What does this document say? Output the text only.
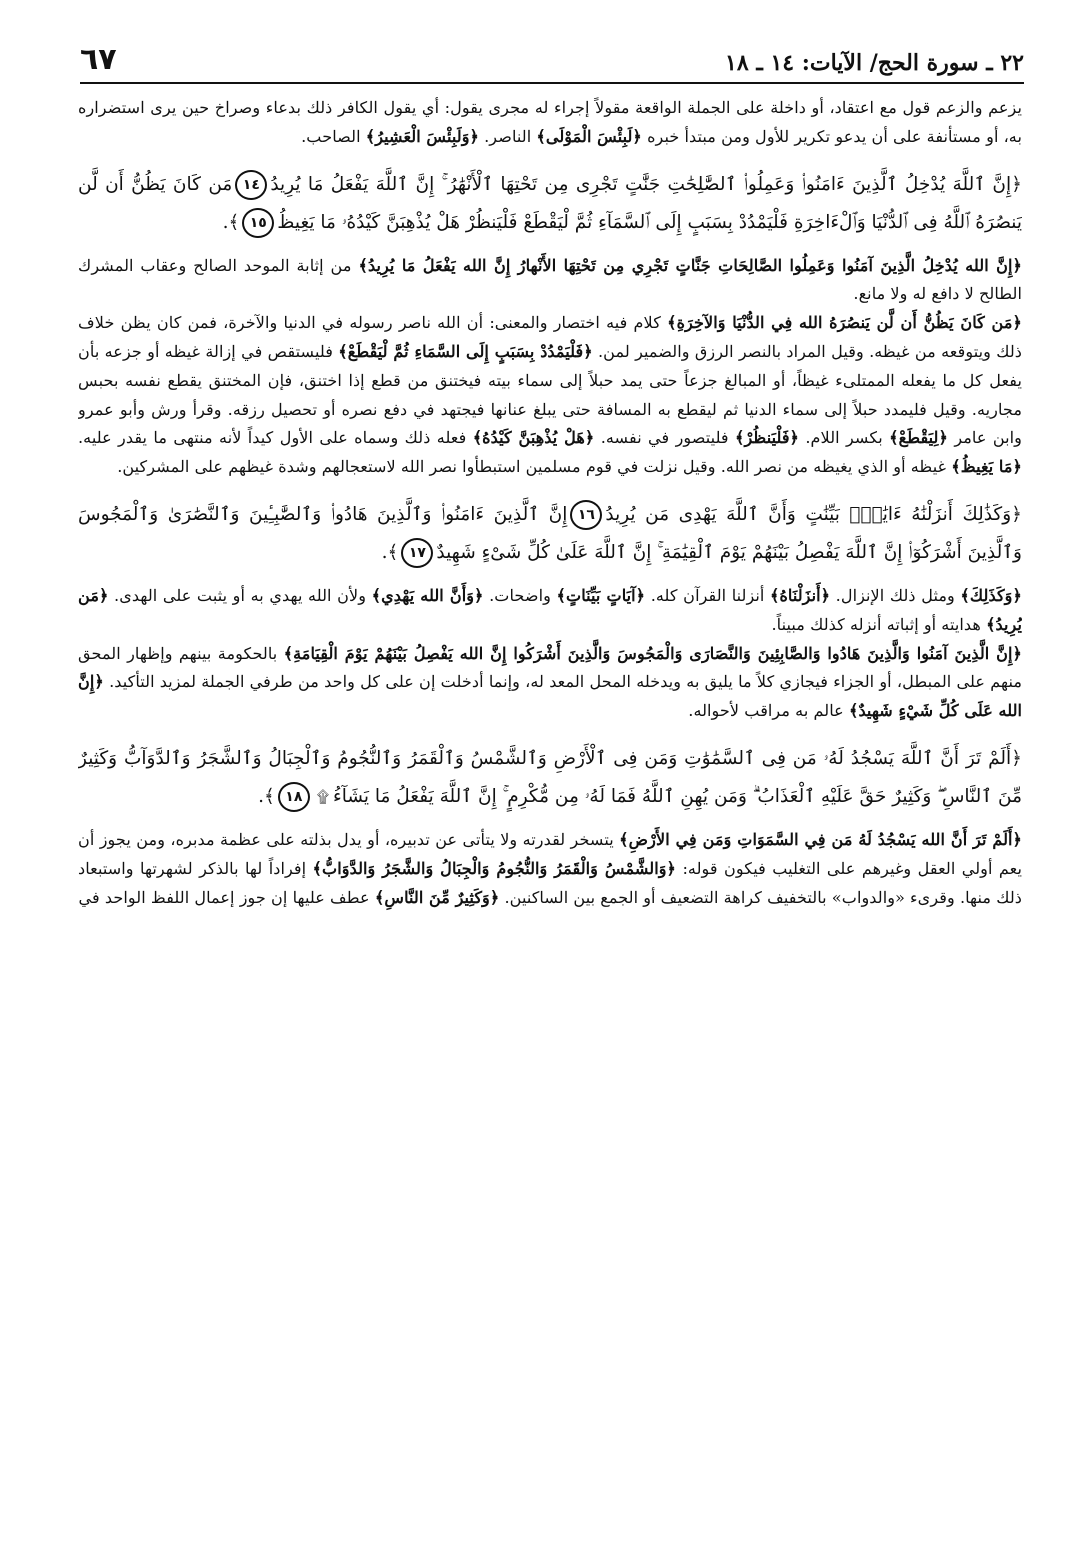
٢٢ ـ سورة الحج/ الآيات: ١٤ ـ ١٨
٦٧

يزعم والزعم قول مع اعتقاد، أو داخلة على الجملة الواقعة مقولاً إجراء له مجرى يقول: أي يقول الكافر ذلك بدعاء وصراخ حين يرى استضراره به، أو مستأنفة على أن يدعو تكرير للأول ومن مبتدأ خبره ﴿لَبِئْسَ الْمَوْلَى﴾ الناصر. ﴿وَلَبِئْسَ الْعَشِيرُ﴾ الصاحب.

﴿إِنَّ ٱللَّهَ يُدْخِلُ ٱلَّذِينَ ءَامَنُوا۟ وَعَمِلُوا۟ ٱلصَّٰلِحَٰتِ جَنَّٰتٍ تَجْرِى مِن تَحْتِهَا ٱلْأَنْهَٰرُ ۚ إِنَّ ٱللَّهَ يَفْعَلُ مَا يُرِيدُ١٤مَن كَانَ يَظُنُّ أَن لَّن يَنصُرَهُ ٱللَّهُ فِى ٱلدُّنْيَا وَٱلْءَاخِرَةِ فَلْيَمْدُدْ بِسَبَبٍ إِلَى ٱلسَّمَآءِ ثُمَّ لْيَقْطَعْ فَلْيَنظُرْ هَلْ يُذْهِبَنَّ كَيْدُهُۥ مَا يَغِيظُ١٥﴾.

﴿إِنَّ الله يُدْخِلُ الَّذِينَ آمَنُوا وَعَمِلُوا الصَّالِحَاتِ جَنَّاتٍ تَجْرِي مِن تَحْتِهَا الأَنْهارُ إِنَّ الله يَفْعَلُ مَا يُرِيدُ﴾ من إثابة الموحد الصالح وعقاب المشرك الطالح لا دافع له ولا مانع.

﴿مَن كَانَ يَظُنُّ أَن لَّن يَنصُرَهُ الله فِي الدُّنْيَا وَالآخِرَةِ﴾ كلام فيه اختصار والمعنى: أن الله ناصر رسوله في الدنيا والآخرة، فمن كان يظن خلاف ذلك ويتوقعه من غيظه. وقيل المراد بالنصر الرزق والضمير لمن. ﴿فَلْيَمْدُدْ بِسَبَبٍ إِلَى السَّمَاءِ ثُمَّ لْيَقْطَعْ﴾ فليستقص في إزالة غيظه أو جزعه بأن يفعل كل ما يفعله الممتلىء غيظاً، أو المبالغ جزعاً حتى يمد حبلاً إلى سماء بيته فيختنق من قطع إذا اختنق، فإن المختنق يقطع نفسه بحبس مجاريه. وقيل فليمدد حبلاً إلى سماء الدنيا ثم ليقطع به المسافة حتى يبلغ عنانها فيجتهد في دفع نصره أو تحصيل رزقه. وقرأ ورش وأبو عمرو وابن عامر ﴿لِيَقْطَعْ﴾ بكسر اللام. ﴿فَلْيَنظُرْ﴾ فليتصور في نفسه. ﴿هَلْ يُذْهِبَنَّ كَيْدُهُ﴾ فعله ذلك وسماه على الأول كيداً لأنه منتهى ما يقدر عليه. ﴿مَا يَغِيظُ﴾ غيظه أو الذي يغيظه من نصر الله. وقيل نزلت في قوم مسلمين استبطأوا نصر الله لاستعجالهم وشدة غيظهم على المشركين.

﴿وَكَذَٰلِكَ أَنزَلْنَٰهُ ءَايَٰتٍۭ بَيِّنَٰتٍ وَأَنَّ ٱللَّهَ يَهْدِى مَن يُرِيدُ١٦إِنَّ ٱلَّذِينَ ءَامَنُوا۟ وَٱلَّذِينَ هَادُوا۟ وَٱلصَّٰبِـِٔينَ وَٱلنَّصَٰرَىٰ وَٱلْمَجُوسَ وَٱلَّذِينَ أَشْرَكُوٓا۟ إِنَّ ٱللَّهَ يَفْصِلُ بَيْنَهُمْ يَوْمَ ٱلْقِيَٰمَةِ ۚ إِنَّ ٱللَّهَ عَلَىٰ كُلِّ شَىْءٍ شَهِيدٌ١٧﴾.

﴿وَكَذَلِكَ﴾ ومثل ذلك الإنزال. ﴿أَنزَلْنَاهُ﴾ أنزلنا القرآن كله. ﴿آيَاتٍ بَيِّنَاتٍ﴾ واضحات. ﴿وَأَنَّ الله يَهْدِي﴾ ولأن الله يهدي به أو يثبت على الهدى. ﴿مَن يُرِيدُ﴾ هدايته أو إثباته أنزله كذلك مبيناً.

﴿إِنَّ الَّذِينَ آمَنُوا وَالَّذِينَ هَادُوا وَالصَّابِئِينَ وَالنَّصَارَى وَالْمَجُوسَ وَالَّذِينَ أَشْرَكُوا إِنَّ الله يَفْصِلُ بَيْنَهُمْ يَوْمَ الْقِيَامَةِ﴾ بالحكومة بينهم وإظهار المحق منهم على المبطل، أو الجزاء فيجازي كلاً ما يليق به ويدخله المحل المعد له، وإنما أدخلت إن على كل واحد من طرفي الجملة لمزيد التأكيد. ﴿إِنَّ الله عَلَى كُلِّ شَيْءٍ شَهِيدٌ﴾ عالم به مراقب لأحواله.

﴿أَلَمْ تَرَ أَنَّ ٱللَّهَ يَسْجُدُ لَهُۥ مَن فِى ٱلسَّمَٰوَٰتِ وَمَن فِى ٱلْأَرْضِ وَٱلشَّمْسُ وَٱلْقَمَرُ وَٱلنُّجُومُ وَٱلْجِبَالُ وَٱلشَّجَرُ وَٱلدَّوَآبُّ وَكَثِيرٌ مِّنَ ٱلنَّاسِ ۖ وَكَثِيرٌ حَقَّ عَلَيْهِ ٱلْعَذَابُ ۗ وَمَن يُهِنِ ٱللَّهُ فَمَا لَهُۥ مِن مُّكْرِمٍ ۚ إِنَّ ٱللَّهَ يَفْعَلُ مَا يَشَآءُ۩١٨﴾.

﴿أَلَمْ تَرَ أَنَّ الله يَسْجُدُ لَهُ مَن فِي السَّمَوَاتِ وَمَن فِي الأَرْضِ﴾ يتسخر لقدرته ولا يتأتى عن تدبيره، أو يدل بذلته على عظمة مدبره، ومن يجوز أن يعم أولي العقل وغيرهم على التغليب فيكون قوله: ﴿وَالشَّمْسُ وَالْقَمَرُ وَالنُّجُومُ وَالْجِبَالُ وَالشَّجَرُ وَالدَّوَابُّ﴾ إفراداً لها بالذكر لشهرتها واستبعاد ذلك منها. وقرىء «والدواب» بالتخفيف كراهة التضعيف أو الجمع بين الساكنين. ﴿وَكَثِيرٌ مِّنَ النَّاسِ﴾ عطف عليها إن جوز إعمال اللفظ الواحد في
